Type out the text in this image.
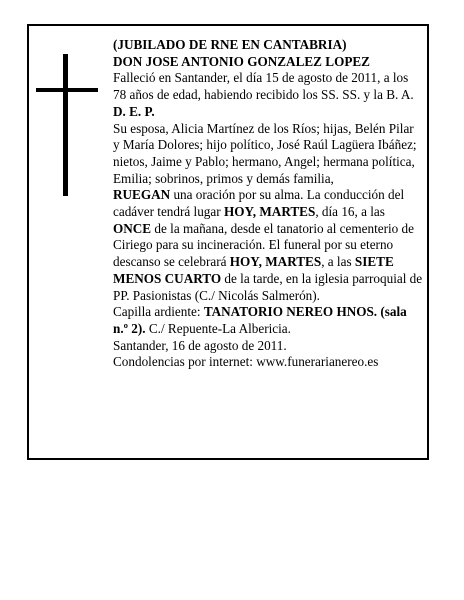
(JUBILADO DE RNE EN CANTABRIA)

DON JOSE ANTONIO GONZALEZ LOPEZ

Falleció en Santander, el día 15 de agosto de 2011, a los 78 años de edad, habiendo recibido los SS. SS. y la B. A.

D. E. P.

Su esposa, Alicia Martínez de los Ríos; hijas, Belén Pilar y María Dolores; hijo político, José Raúl Lagüera Ibáñez; nietos, Jaime y Pablo; hermano, Angel; hermana política, Emilia; sobrinos, primos y demás familia,

RUEGAN una oración por su alma. La conducción del cadáver tendrá lugar HOY, MARTES, día 16, a las ONCE de la mañana, desde el tanatorio al cementerio de Ciriego para su incineración. El funeral por su eterno descanso se celebrará HOY, MARTES, a las SIETE MENOS CUARTO de la tarde, en la iglesia parroquial de PP. Pasionistas (C./ Nicolás Salmerón).

Capilla ardiente: TANATORIO NEREO HNOS. (sala n.º 2). C./ Repuente-La Albericia.

Santander, 16 de agosto de 2011.

Condolencias por internet: www.funerarianereo.es
